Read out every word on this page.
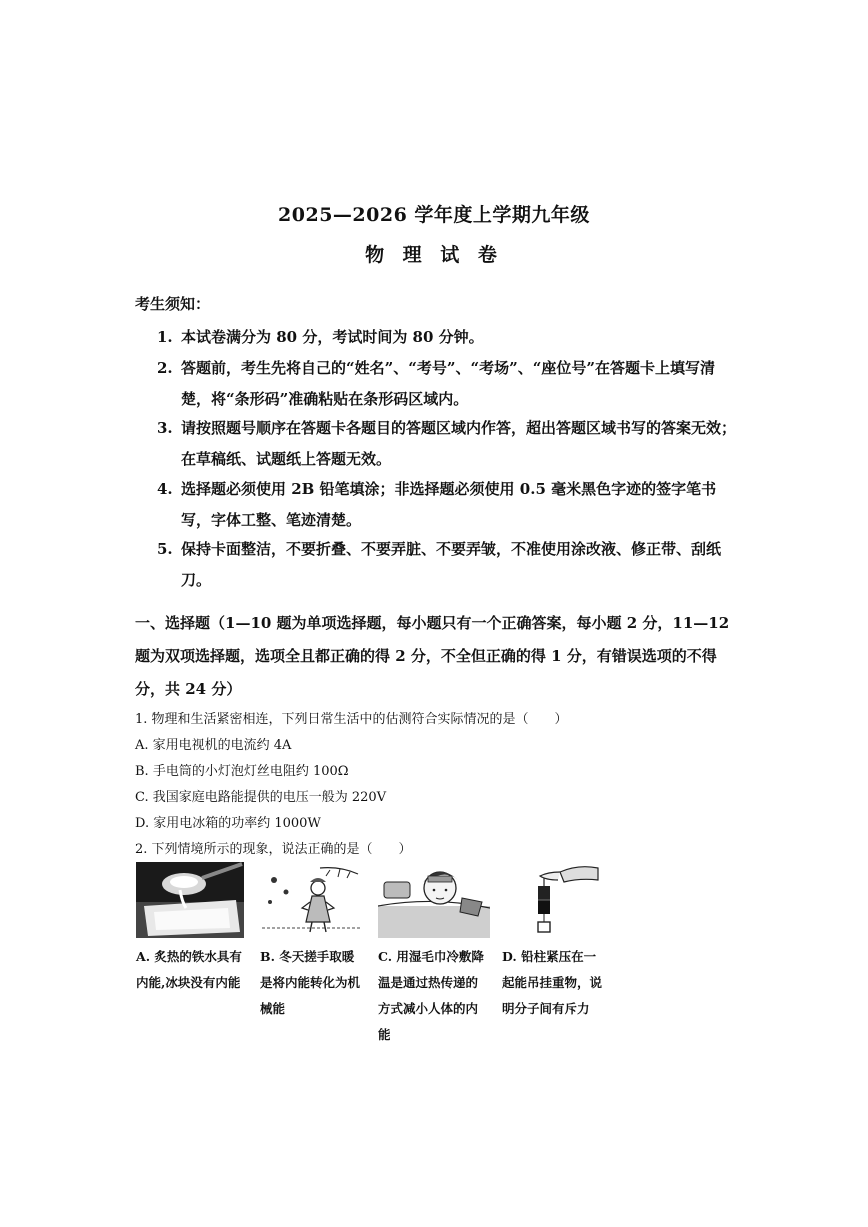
2025—2026 学年度上学期九年级
物 理 试 卷
考生须知：
1. 本试卷满分为 80 分，考试时间为 80 分钟。
2. 答题前，考生先将自己的“姓名”、“考号”、“考场”、“座位号”在答题卡上填写清楚，将“条形码”准确粘贴在条形码区域内。
3. 请按照题号顺序在答题卡各题目的答题区域内作答，超出答题区域书写的答案无效；在草稿纸、试题纸上答题无效。
4. 选择题必须使用 2B 铅笔填涂；非选择题必须使用 0.5 毫米黑色字迹的签字笔书写，字体工整、笔迹清楚。
5. 保持卡面整洁，不要折叠、不要弄脏、不要弄皱，不准使用涂改液、修正带、刮纸刀。
一、选择题（1—10 题为单项选择题，每小题只有一个正确答案，每小题 2 分，11—12 题为双项选择题，选项全且都正确的得 2 分，不全但正确的得 1 分，有错误选项的不得分，共 24 分）
1. 物理和生活紧密相连，下列日常生活中的估测符合实际情况的是（　　）
A. 家用电视机的电流约 4A
B. 手电筒的小灯泡灯丝电阻约 100Ω
C. 我国家庭电路能提供的电压一般为 220V
D. 家用电冰箱的功率约 1000W
2. 下列情境所示的现象，说法正确的是（　　）
A. 炙热的铁水具有内能,冰块没有内能
B. 冬天搓手取暖是将内能转化为机械能
C. 用湿毛巾冷敷降温是通过热传递的方式减小人体的内能
D. 铅柱紧压在一起能吊挂重物，说明分子间有斥力
